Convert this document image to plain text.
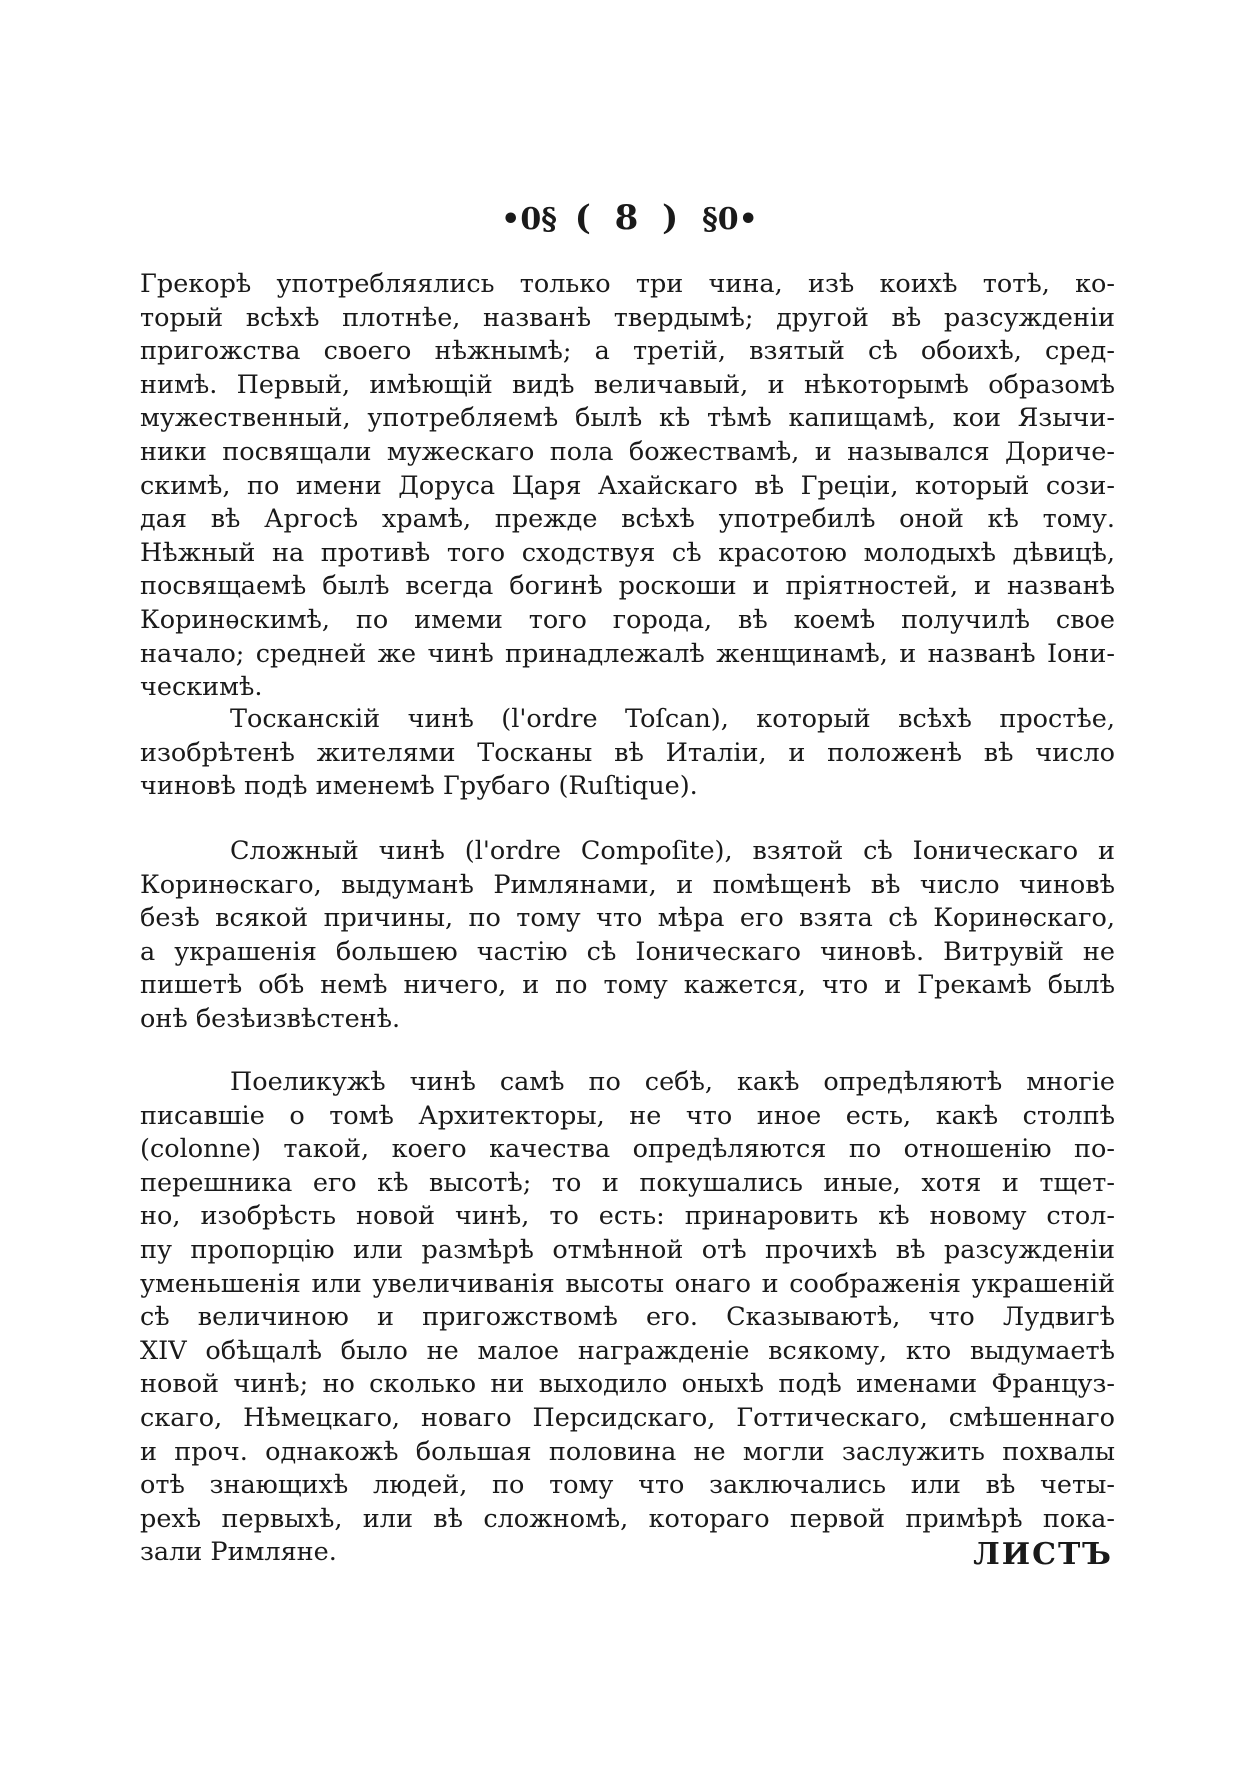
•0§ ( 8 ) §0•
Грекорѣ употребляялись только три чина, изѣ коихѣ тотѣ, ко-
торый всѣхѣ плотнѣе, названѣ твердымѣ; другой вѣ разсужденіи
пригожства своего нѣжнымѣ; а третій, взятый сѣ обоихѣ, сред-
нимѣ. Первый, имѣющій видѣ величавый, и нѣкоторымѣ образомѣ
мужественный, употребляемѣ былѣ кѣ тѣмѣ капищамѣ, кои Язычи-
ники посвящали мужескаго пола божествамѣ, и назывался Дориче-
скимѣ, по имени Доруса Царя Ахайскаго вѣ Греціи, который сози-
дая вѣ Аргосѣ храмѣ, прежде всѣхѣ употребилѣ оной кѣ тому.
Нѣжный на противѣ того сходствуя сѣ красотою молодыхѣ дѣвицѣ,
посвящаемѣ былѣ всегда богинѣ роскоши и пріятностей, и названѣ
Коринѳскимѣ, по имеми того города, вѣ коемѣ получилѣ свое
начало; средней же чинѣ принадлежалѣ женщинамѣ, и названѣ Іони-
ческимѣ.
Тосканскій чинѣ (l'ordre Toſcan), который всѣхѣ простѣе,
изобрѣтенѣ жителями Тосканы вѣ Италіи, и положенѣ вѣ число
чиновѣ подѣ именемѣ Грубаго (Ruſtique).
Сложный чинѣ (l'ordre Compoſite), взятой сѣ Іоническаго и
Коринѳскаго, выдуманѣ Римлянами, и помѣщенѣ вѣ число чиновѣ
безѣ всякой причины, по тому что мѣра его взята сѣ Коринѳскаго,
а украшенія большею частію сѣ Іоническаго чиновѣ. Витрувій не
пишетѣ обѣ немѣ ничего, и по тому кажется, что и Грекамѣ былѣ
онѣ безѣизвѣстенѣ.
Поеликужѣ чинѣ самѣ по себѣ, какѣ опредѣляютѣ многіе
писавшіе о томѣ Архитекторы, не что иное есть, какѣ столпѣ
(colonne) такой, коего качества опредѣляются по отношенію по-
перешника его кѣ высотѣ; то и покушались иные, хотя и тщет-
но, изобрѣсть новой чинѣ, то есть: принаровить кѣ новому стол-
пу пропорцію или размѣрѣ отмѣнной отѣ прочихѣ вѣ разсужденіи
уменьшенія или увеличиванія высоты онаго и соображенія украшеній
сѣ величиною и пригожствомѣ его. Сказываютѣ, что Лудвигѣ
XIV обѣщалѣ было не малое награжденіе всякому, кто выдумаетѣ
новой чинѣ; но сколько ни выходило оныхѣ подѣ именами Француз-
скаго, Нѣмецкаго, новаго Персидскаго, Готтическаго, смѣшеннаго
и проч. однакожѣ большая половина не могли заслужить похвалы
отѣ знающихѣ людей, по тому что заключались или вѣ четы-
рехѣ первыхѣ, или вѣ сложномѣ, котораго первой примѣрѣ пока-
зали Римляне.	ЛИСТЪ
